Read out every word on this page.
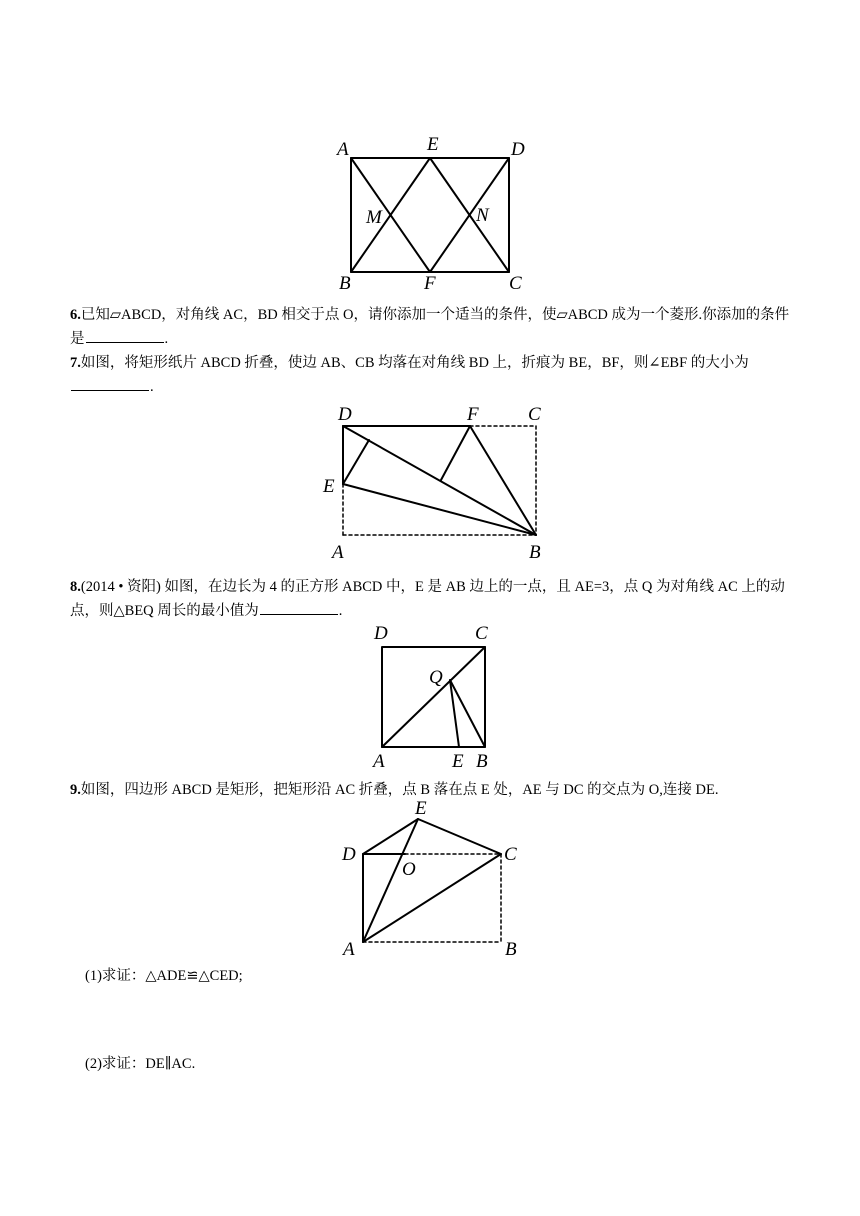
A	E	D
M	N
B	F	C

6.已知▱ABCD，对角线 AC，BD 相交于点 O，请你添加一个适当的条件，使▱ABCD 成为一个菱形.你添加的条件是	.

7.如图，将矩形纸片 ABCD 折叠，使边 AB、CB 均落在对角线 BD 上，折痕为 BE，BF，则∠EBF 的大小为
.

D	F	C
E
A	B

8.(2014 • 资阳) 如图，在边长为 4 的正方形 ABCD 中，E 是 AB 边上的一点，且 AE=3，点 Q 为对角线 AC 上的动点，则△BEQ 周长的最小值为	.

D	C
Q
A	E B

9.如图，四边形 ABCD 是矩形，把矩形沿 AC 折叠，点 B 落在点 E 处，AE 与 DC 的交点为 O,连接 DE.

E
D
O
C
A	B

(1)求证：△ADE≌△CED;

(2)求证：DE∥AC.
